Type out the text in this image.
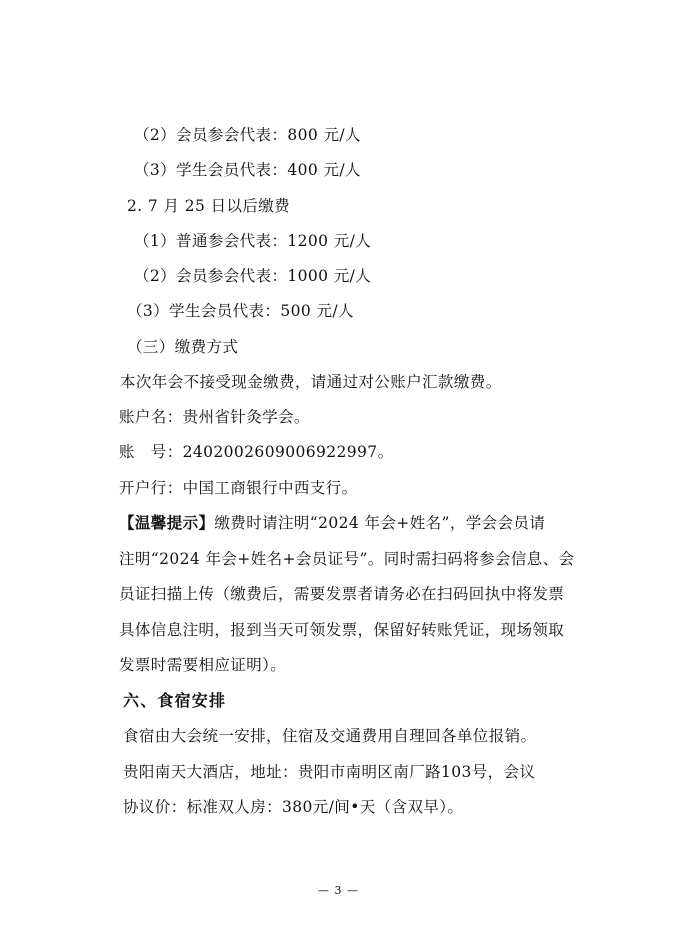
（2）会员参会代表：800 元/人
（3）学生会员代表：400 元/人
2. 7 月 25 日以后缴费
（1）普通参会代表：1200 元/人
（2）会员参会代表：1000 元/人
（3）学生会员代表：500 元/人
（三）缴费方式
本次年会不接受现金缴费，请通过对公账户汇款缴费。
账户名：贵州省针灸学会。
账　号：2402002609006922997。
开户行：中国工商银行中西支行。
【温馨提示】缴费时请注明“2024 年会+姓名”，学会会员请
注明“2024 年会+姓名+会员证号”。同时需扫码将参会信息、会
员证扫描上传（缴费后，需要发票者请务必在扫码回执中将发票
具体信息注明，报到当天可领发票，保留好转账凭证，现场领取
发票时需要相应证明）。
六、食宿安排
食宿由大会统一安排，住宿及交通费用自理回各单位报销。
贵阳南天大酒店，地址：贵阳市南明区南厂路103号，会议
协议价：标准双人房：380元/间•天（含双早）。
— 3 —
